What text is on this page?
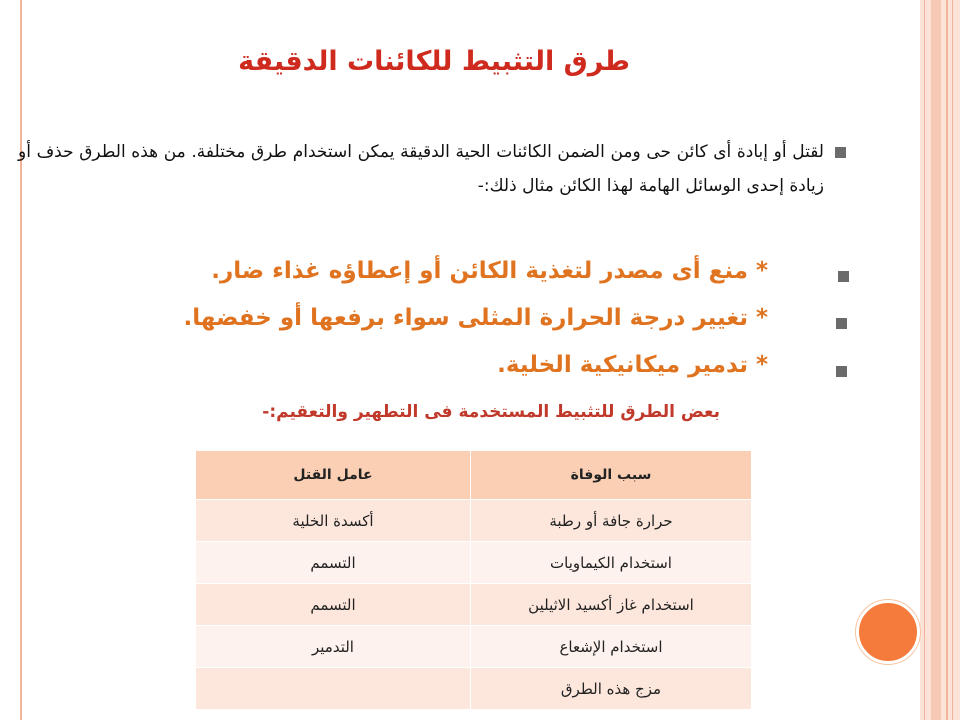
طرق التثبيط للكائنات الدقيقة
لقتل أو إبادة أى كائن حى ومن الضمن الكائنات الحية الدقيقة يمكن استخدام طرق مختلفة. من هذه الطرق حذف أو زيادة إحدى الوسائل الهامة لهذا الكائن مثال ذلك:-
* منع أى مصدر لتغذية الكائن أو إعطاؤه غذاء ضار.
* تغيير درجة الحرارة المثلى سواء برفعها أو خفضها.
* تدمير ميكانيكية الخلية.
بعض الطرق للتثبيط المستخدمة فى التطهير والتعقيم:-
سبب الوفاة	عامل القتل
حرارة جافة أو رطبة	أكسدة الخلية
استخدام الكيماويات	التسمم
استخدام غاز أكسيد الاثيلين	التسمم
استخدام الإشعاع	التدمير
مزج هذه الطرق	
